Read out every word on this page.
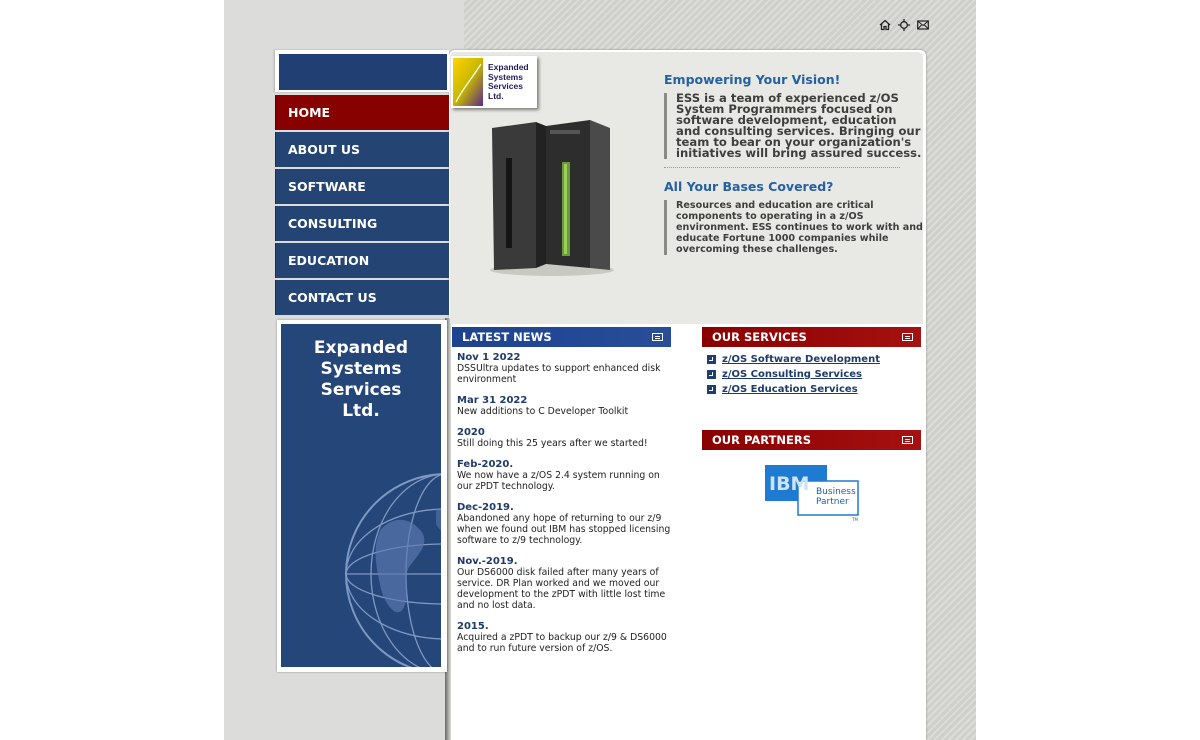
HOME
ABOUT US
SOFTWARE
CONSULTING
EDUCATION
CONTACT US
Expanded
Systems
Services
Ltd.
Expanded
Systems
Services
Ltd.
Empowering Your Vision!
ESS is a team of experienced z/OS System Programmers focused on software development, education and consulting services. Bringing our team to bear on your organization's initiatives will bring assured success.
All Your Bases Covered?
Resources and education are critical components to operating in a z/OS environment. ESS continues to work with and educate Fortune 1000 companies while overcoming these challenges.
LATEST NEWS
Nov 1 2022
DSSUltra updates to support enhanced disk environment
Mar 31 2022
New additions to C Developer Toolkit
2020
Still doing this 25 years after we started!
Feb-2020.
We now have a z/OS 2.4 system running on our zPDT technology.
Dec-2019.
Abandoned any hope of returning to our z/9 when we found out IBM has stopped licensing software to z/9 technology.
Nov.-2019.
Our DS6000 disk failed after many years of service. DR Plan worked and we moved our development to the zPDT with little lost time and no lost data.
2015.
Acquired a zPDT to backup our z/9 & DS6000 and to run future version of z/OS.
OUR SERVICES
z/OS Software Development
z/OS Consulting Services
z/OS Education Services
OUR PARTNERS
IBM Business
Partner
TM
